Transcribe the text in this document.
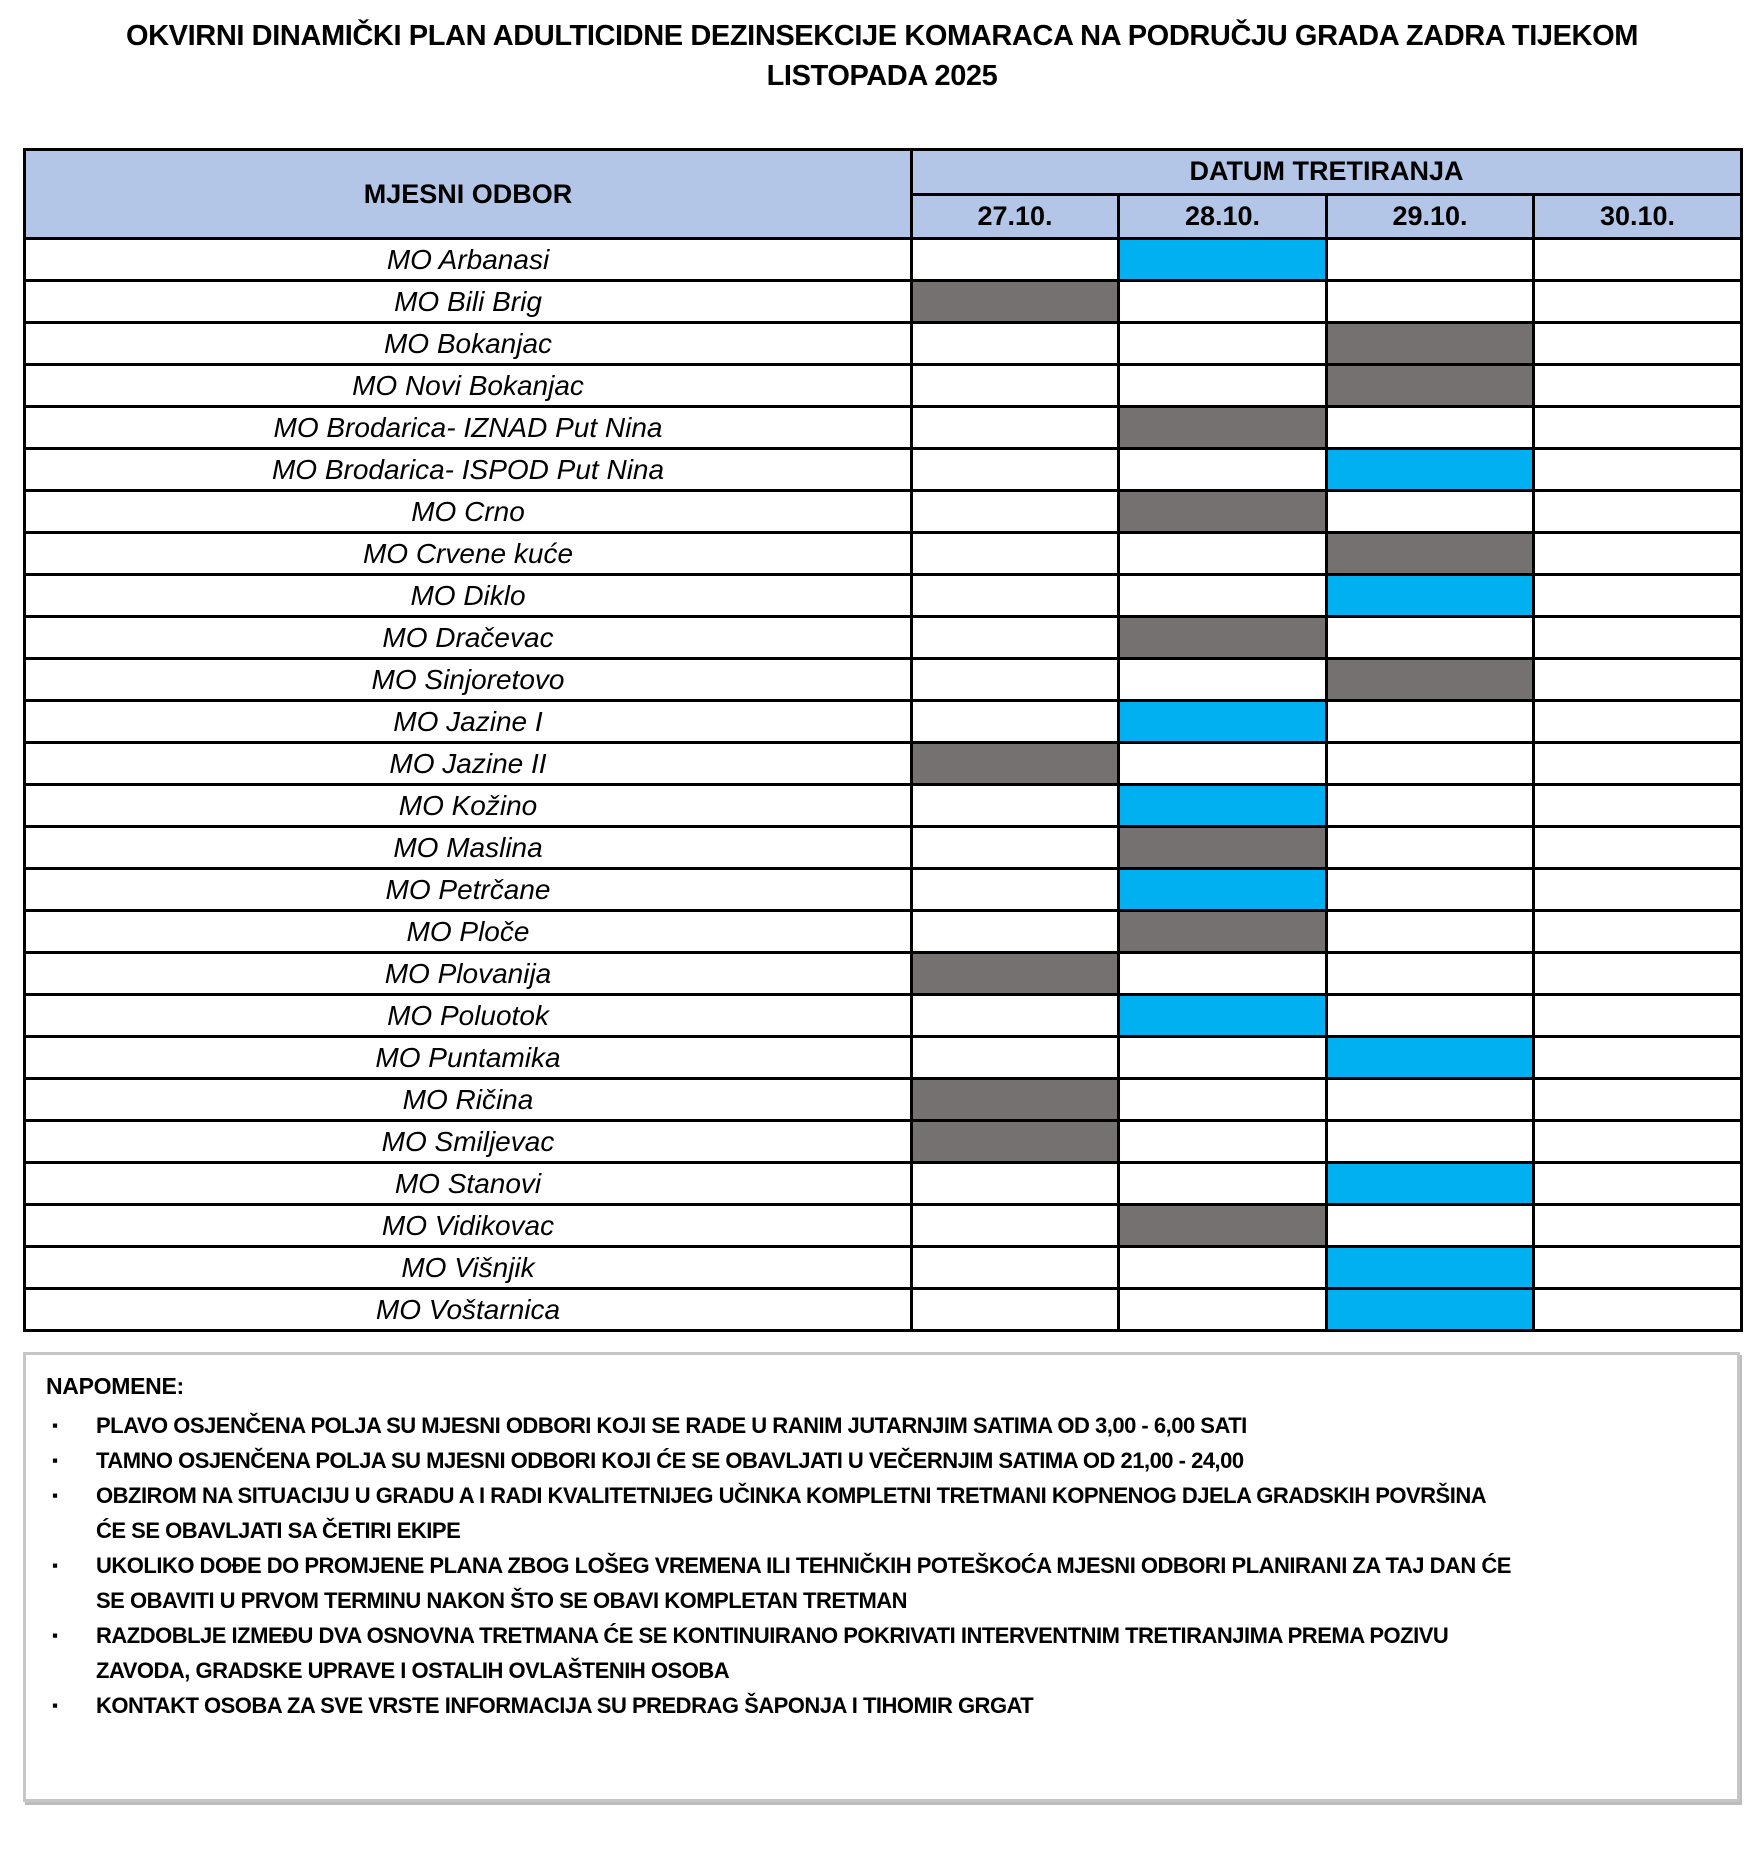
OKVIRNI DINAMIČKI PLAN ADULTICIDNE DEZINSEKCIJE KOMARACA NA PODRUČJU GRADA ZADRA TIJEKOM
LISTOPADA 2025
MJESNI ODBOR	DATUM TRETIRANJA			
	27.10.	28.10.	29.10.	30.10.
MO Arbanasi				
MO Bili Brig				
MO Bokanjac				
MO Novi Bokanjac				
MO Brodarica- IZNAD Put Nina				
MO Brodarica- ISPOD Put Nina				
MO Crno				
MO Crvene kuće				
MO Diklo				
MO Dračevac				
MO Sinjoretovo				
MO Jazine I				
MO Jazine II				
MO Kožino				
MO Maslina				
MO Petrčane				
MO Ploče				
MO Plovanija				
MO Poluotok				
MO Puntamika				
MO Ričina				
MO Smiljevac				
MO Stanovi				
MO Vidikovac				
MO Višnjik				
MO Voštarnica				
NAPOMENE:
▪	PLAVO OSJENČENA POLJA SU MJESNI ODBORI KOJI SE RADE U RANIM JUTARNJIM SATIMA OD 3,00 - 6,00 SATI
▪	TAMNO OSJENČENA POLJA SU MJESNI ODBORI KOJI ĆE SE OBAVLJATI U VEČERNJIM SATIMA OD 21,00 - 24,00
▪	OBZIROM NA SITUACIJU U GRADU A I RADI KVALITETNIJEG UČINKA KOMPLETNI TRETMANI KOPNENOG DJELA GRADSKIH POVRŠINA ĆE SE OBAVLJATI SA ČETIRI EKIPE
▪	UKOLIKO DOĐE DO PROMJENE PLANA ZBOG LOŠEG VREMENA ILI TEHNIČKIH POTEŠKOĆA MJESNI ODBORI PLANIRANI ZA TAJ DAN ĆE SE OBAVITI U PRVOM TERMINU NAKON ŠTO SE OBAVI KOMPLETAN TRETMAN
▪	RAZDOBLJE IZMEĐU DVA OSNOVNA TRETMANA ĆE SE KONTINUIRANO POKRIVATI INTERVENTNIM TRETIRANJIMA PREMA POZIVU ZAVODA, GRADSKE UPRAVE I OSTALIH OVLAŠTENIH OSOBA
▪	KONTAKT OSOBA ZA SVE VRSTE INFORMACIJA SU PREDRAG ŠAPONJA I TIHOMIR GRGAT
